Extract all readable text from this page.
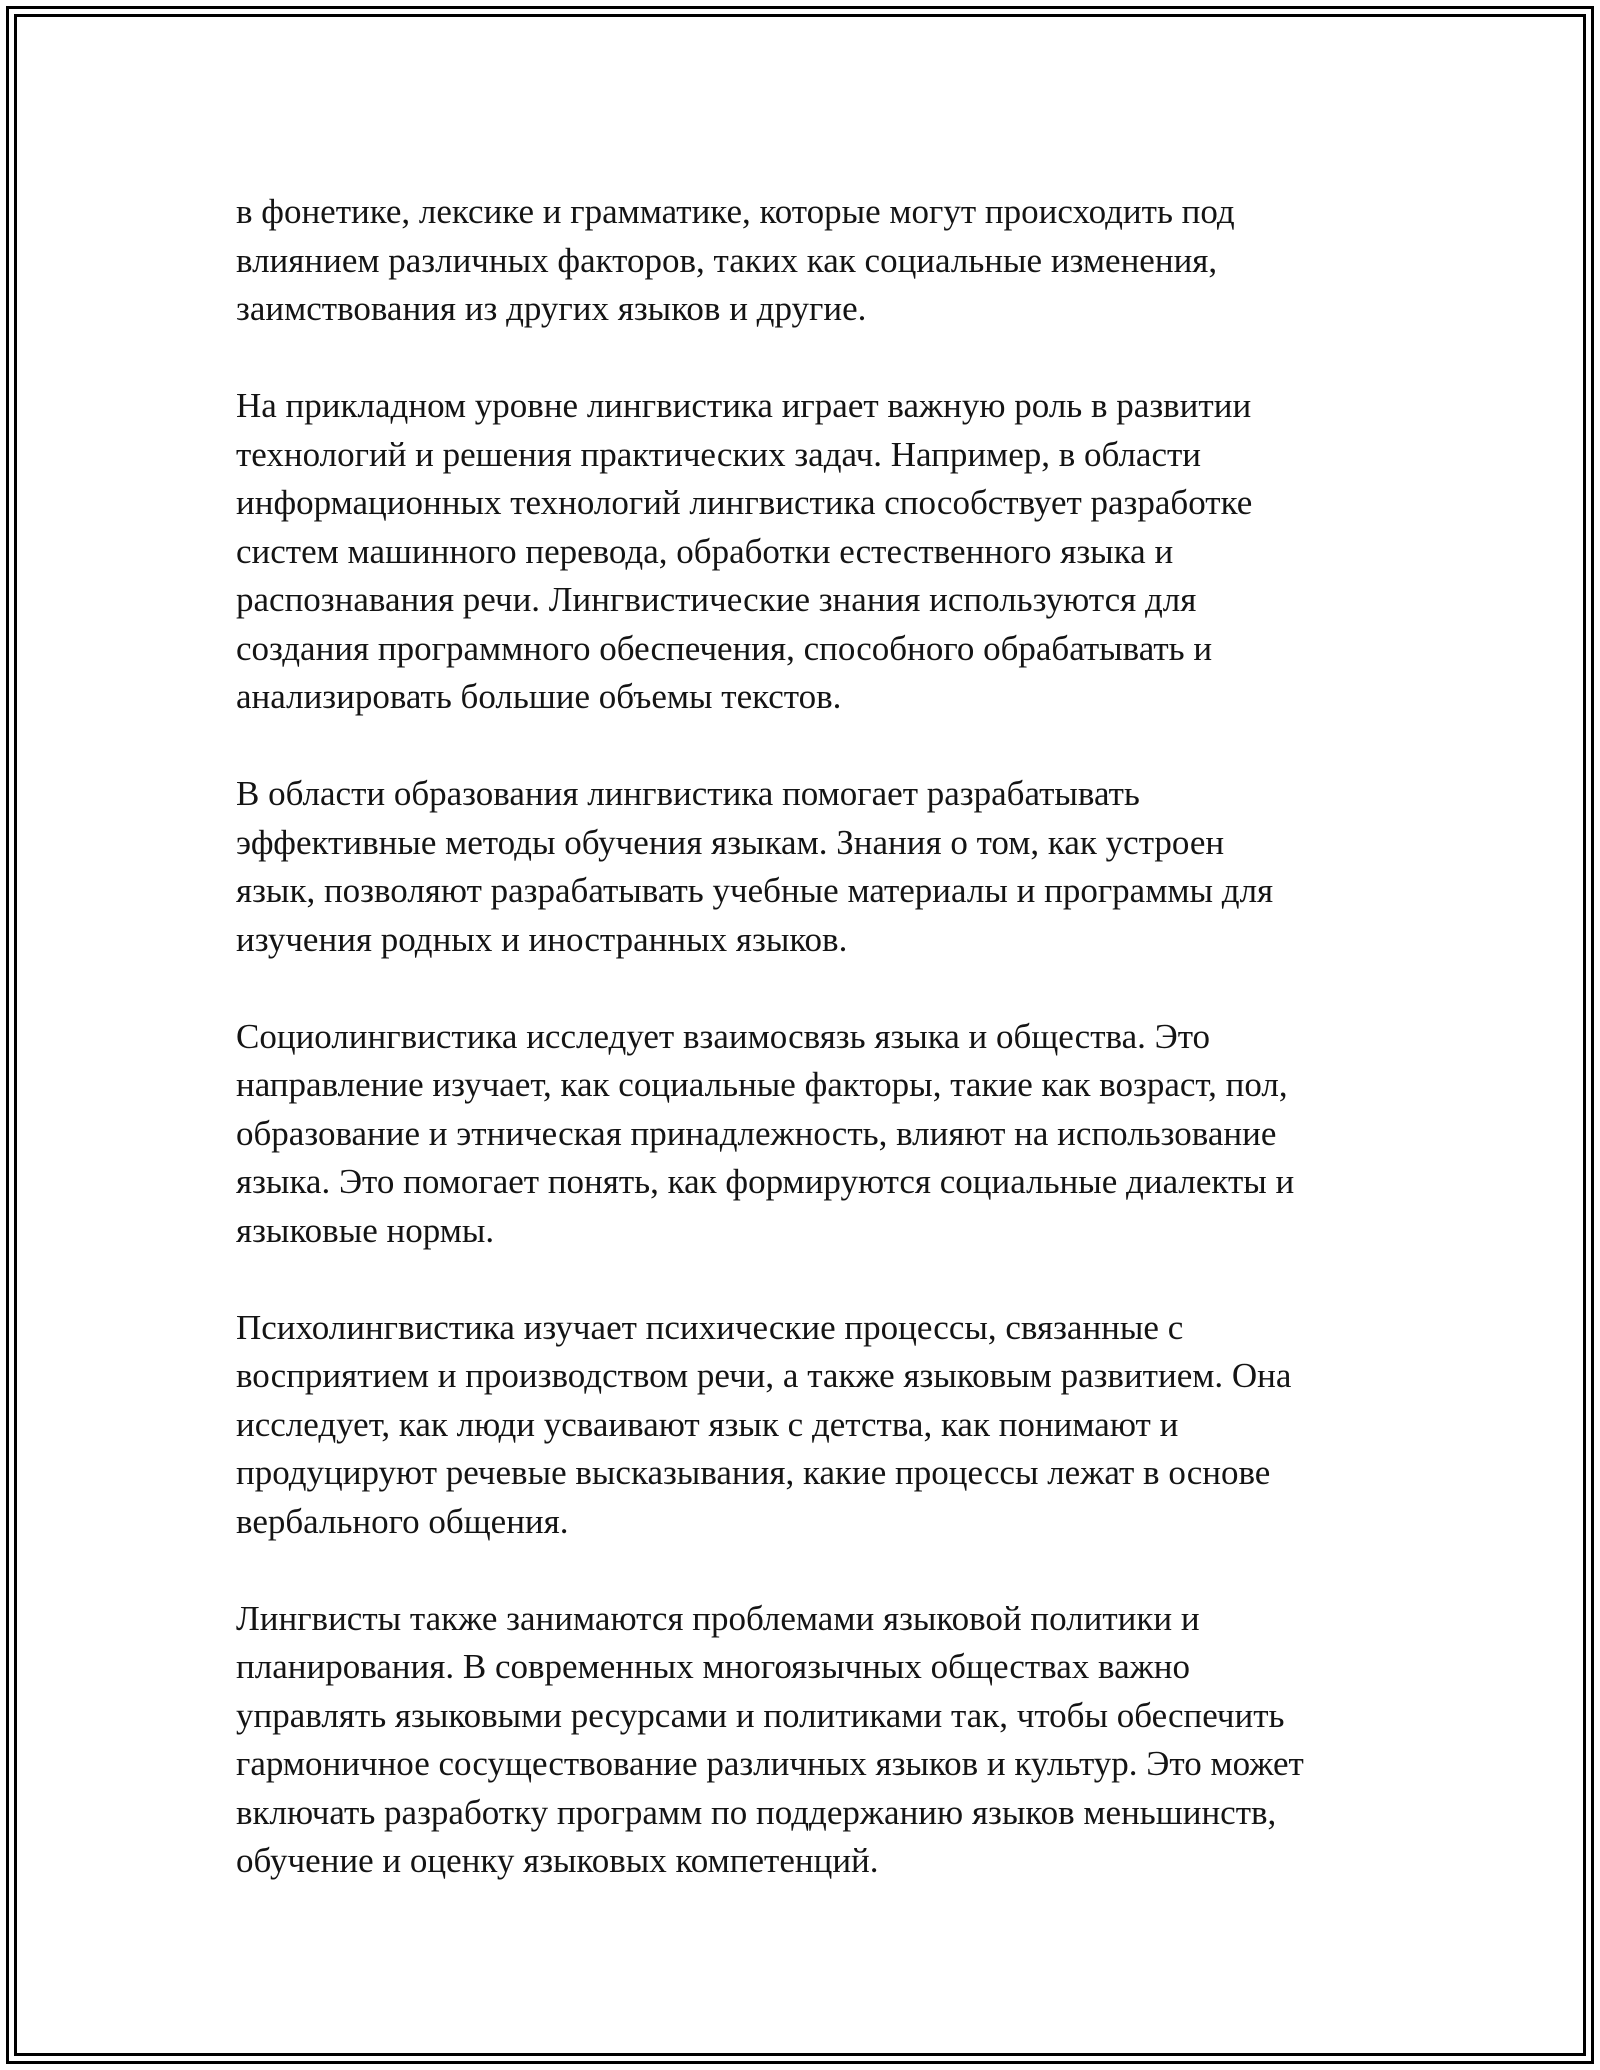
в фонетике, лексике и грамматике, которые могут происходить под
влиянием различных факторов, таких как социальные изменения,
заимствования из других языков и другие.

На прикладном уровне лингвистика играет важную роль в развитии
технологий и решения практических задач. Например, в области
информационных технологий лингвистика способствует разработке
систем машинного перевода, обработки естественного языка и
распознавания речи. Лингвистические знания используются для
создания программного обеспечения, способного обрабатывать и
анализировать большие объемы текстов.

В области образования лингвистика помогает разрабатывать
эффективные методы обучения языкам. Знания о том, как устроен
язык, позволяют разрабатывать учебные материалы и программы для
изучения родных и иностранных языков.

Социолингвистика исследует взаимосвязь языка и общества. Это
направление изучает, как социальные факторы, такие как возраст, пол,
образование и этническая принадлежность, влияют на использование
языка. Это помогает понять, как формируются социальные диалекты и
языковые нормы.

Психолингвистика изучает психические процессы, связанные с
восприятием и производством речи, а также языковым развитием. Она
исследует, как люди усваивают язык с детства, как понимают и
продуцируют речевые высказывания, какие процессы лежат в основе
вербального общения.

Лингвисты также занимаются проблемами языковой политики и
планирования. В современных многоязычных обществах важно
управлять языковыми ресурсами и политиками так, чтобы обеспечить
гармоничное сосуществование различных языков и культур. Это может
включать разработку программ по поддержанию языков меньшинств,
обучение и оценку языковых компетенций.
